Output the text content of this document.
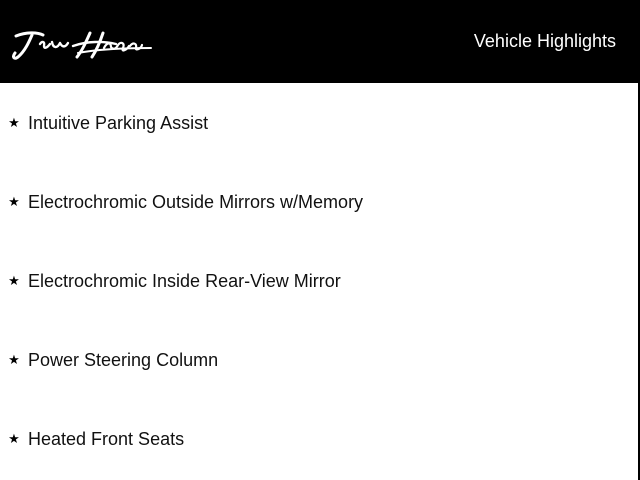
Vehicle Highlights
★ Intuitive Parking Assist
★ Electrochromic Outside Mirrors w/Memory
★ Electrochromic Inside Rear-View Mirror
★ Power Steering Column
★ Heated Front Seats
